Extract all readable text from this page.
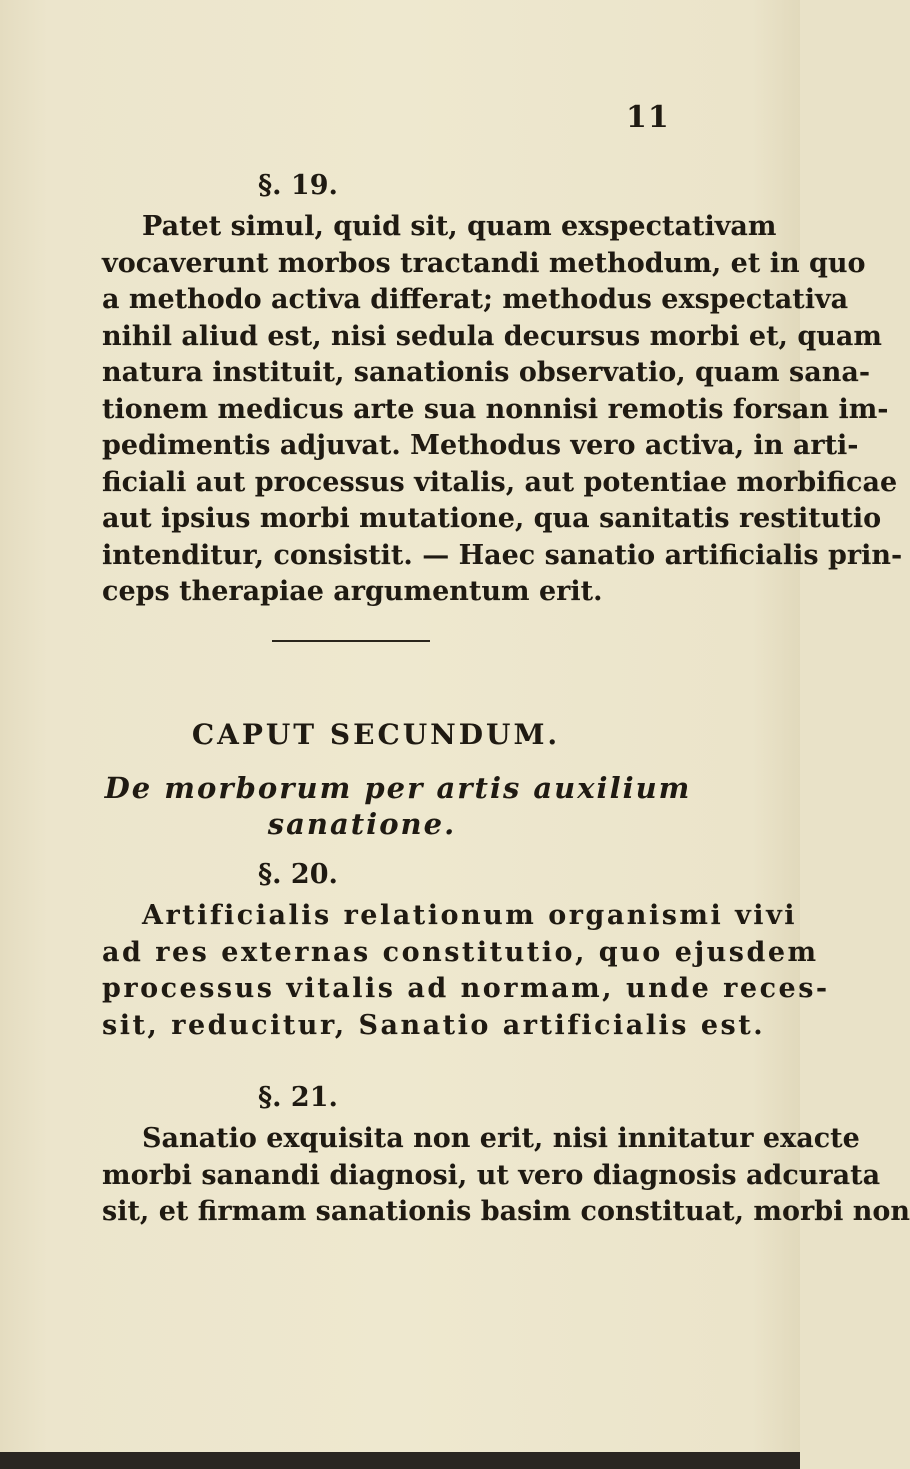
11
§. 19.
Patet simul, quid sit, quam exspectativam
vocaverunt morbos tractandi methodum, et in quo
a methodo activa differat; methodus exspectativa
nihil aliud est, nisi sedula decursus morbi et, quam
natura instituit, sanationis observatio, quam sana-
tionem medicus arte sua nonnisi remotis forsan im-
pedimentis adjuvat. Methodus vero activa, in arti-
ficiali aut processus vitalis, aut potentiae morbificae
aut ipsius morbi mutatione, qua sanitatis restitutio
intenditur, consistit. — Haec sanatio artificialis prin-
ceps therapiae argumentum erit.
CAPUT SECUNDUM.
De morborum per artis auxilium
sanatione.
§. 20.
Artificialis relationum organismi vivi
ad res externas constitutio, quo ejusdem
processus vitalis ad normam, unde reces-
sit, reducitur, Sanatio artificialis est.
§. 21.
Sanatio exquisita non erit, nisi innitatur exacte
morbi sanandi diagnosi, ut vero diagnosis adcurata
sit, et firmam sanationis basim constituat, morbi non
